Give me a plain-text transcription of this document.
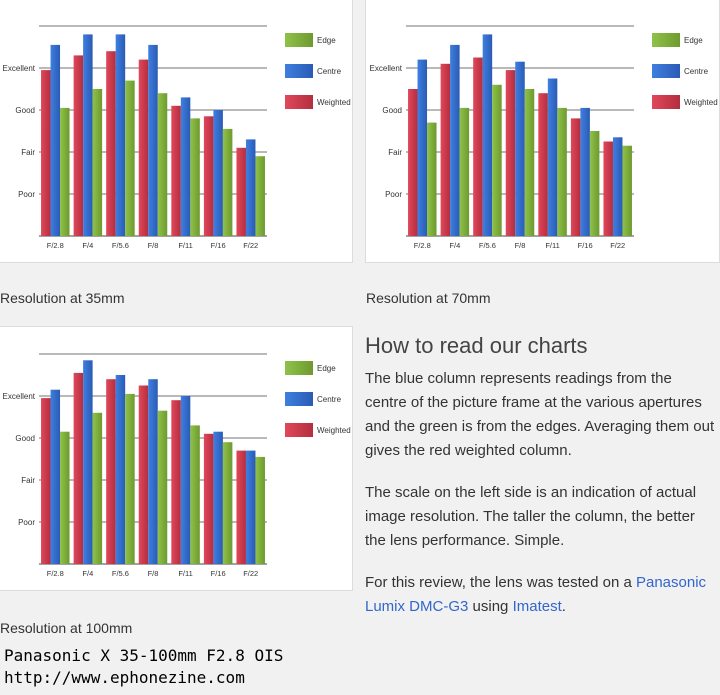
Poor
Fair
Good
Excellent
F/2.8 F/4 F/5.6 F/8	F/11 F/16 F/22
Edge
Centre
Weighted
Resolution at 35mm
Poor
Fair
Good
Excellent
F/2.8 F/4 F/5.6 F/8	F/11 F/16 F/22
Edge
Centre
Weighted
Resolution at 70mm
Poor
Fair
Good
Excellent
F/2.8 F/4 F/5.6 F/8	F/11 F/16 F/22
Edge
Centre
Weighted
Resolution at 100mm
How to read our charts

The blue column represents readings from the centre of the picture frame at the various apertures and the green is from the edges. Averaging them out gives the red weighted column.

The scale on the left side is an indication of actual image resolution. The taller the column, the better the lens performance. Simple.

For this review, the lens was tested on a Panasonic Lumix DMC-G3 using Imatest.

Panasonic X 35-100mm F2.8 OIS
http://www.ephonezine.com
